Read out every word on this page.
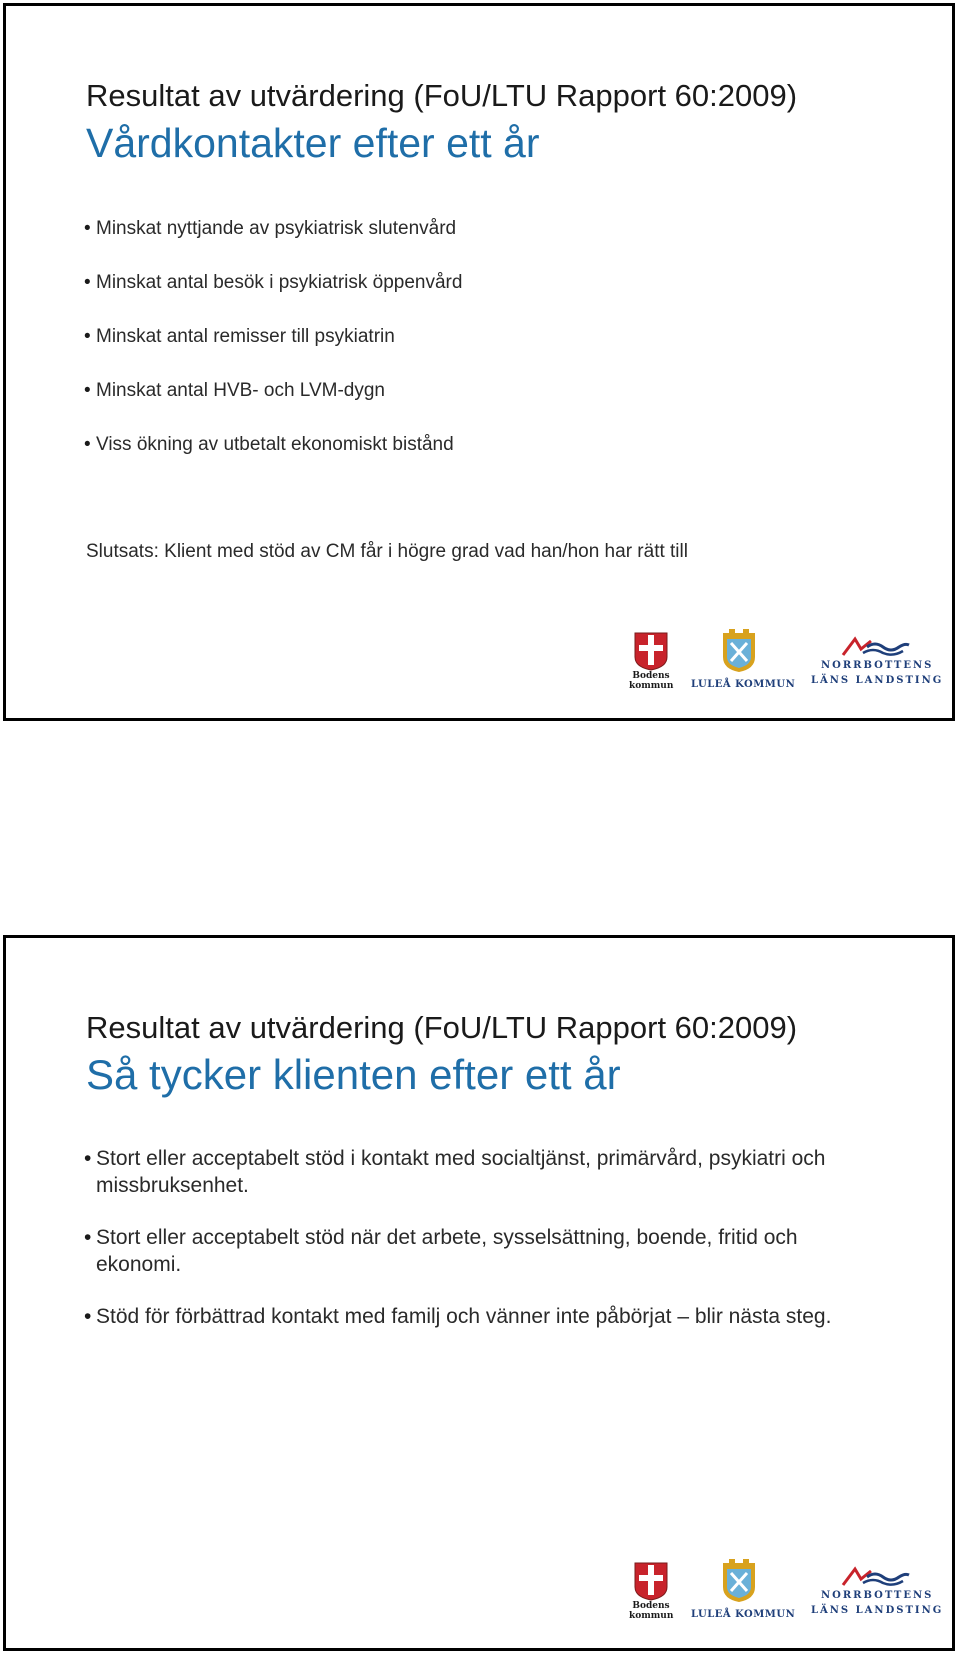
Resultat av utvärdering (FoU/LTU Rapport 60:2009)
Vårdkontakter efter ett år
• Minskat nyttjande av psykiatrisk slutenvård
• Minskat antal besök i psykiatrisk öppenvård
• Minskat antal remisser till psykiatrin
• Minskat antal HVB- och LVM-dygn
• Viss ökning av utbetalt ekonomiskt bistånd
Slutsats: Klient med stöd av CM får i högre grad vad han/hon har rätt till
Bodens kommun LULEÅ KOMMUN
NORRBOTTENS
LÄNS LANDSTING
Resultat av utvärdering (FoU/LTU Rapport 60:2009)
Så tycker klienten efter ett år
• Stort eller acceptabelt stöd i kontakt med socialtjänst, primärvård, psykiatri och missbruksenhet.
• Stort eller acceptabelt stöd när det arbete, sysselsättning, boende, fritid och ekonomi.
• Stöd för förbättrad kontakt med familj och vänner inte påbörjat – blir nästa steg.
Bodens kommun LULEÅ KOMMUN
NORRBOTTENS
LÄNS LANDSTING
